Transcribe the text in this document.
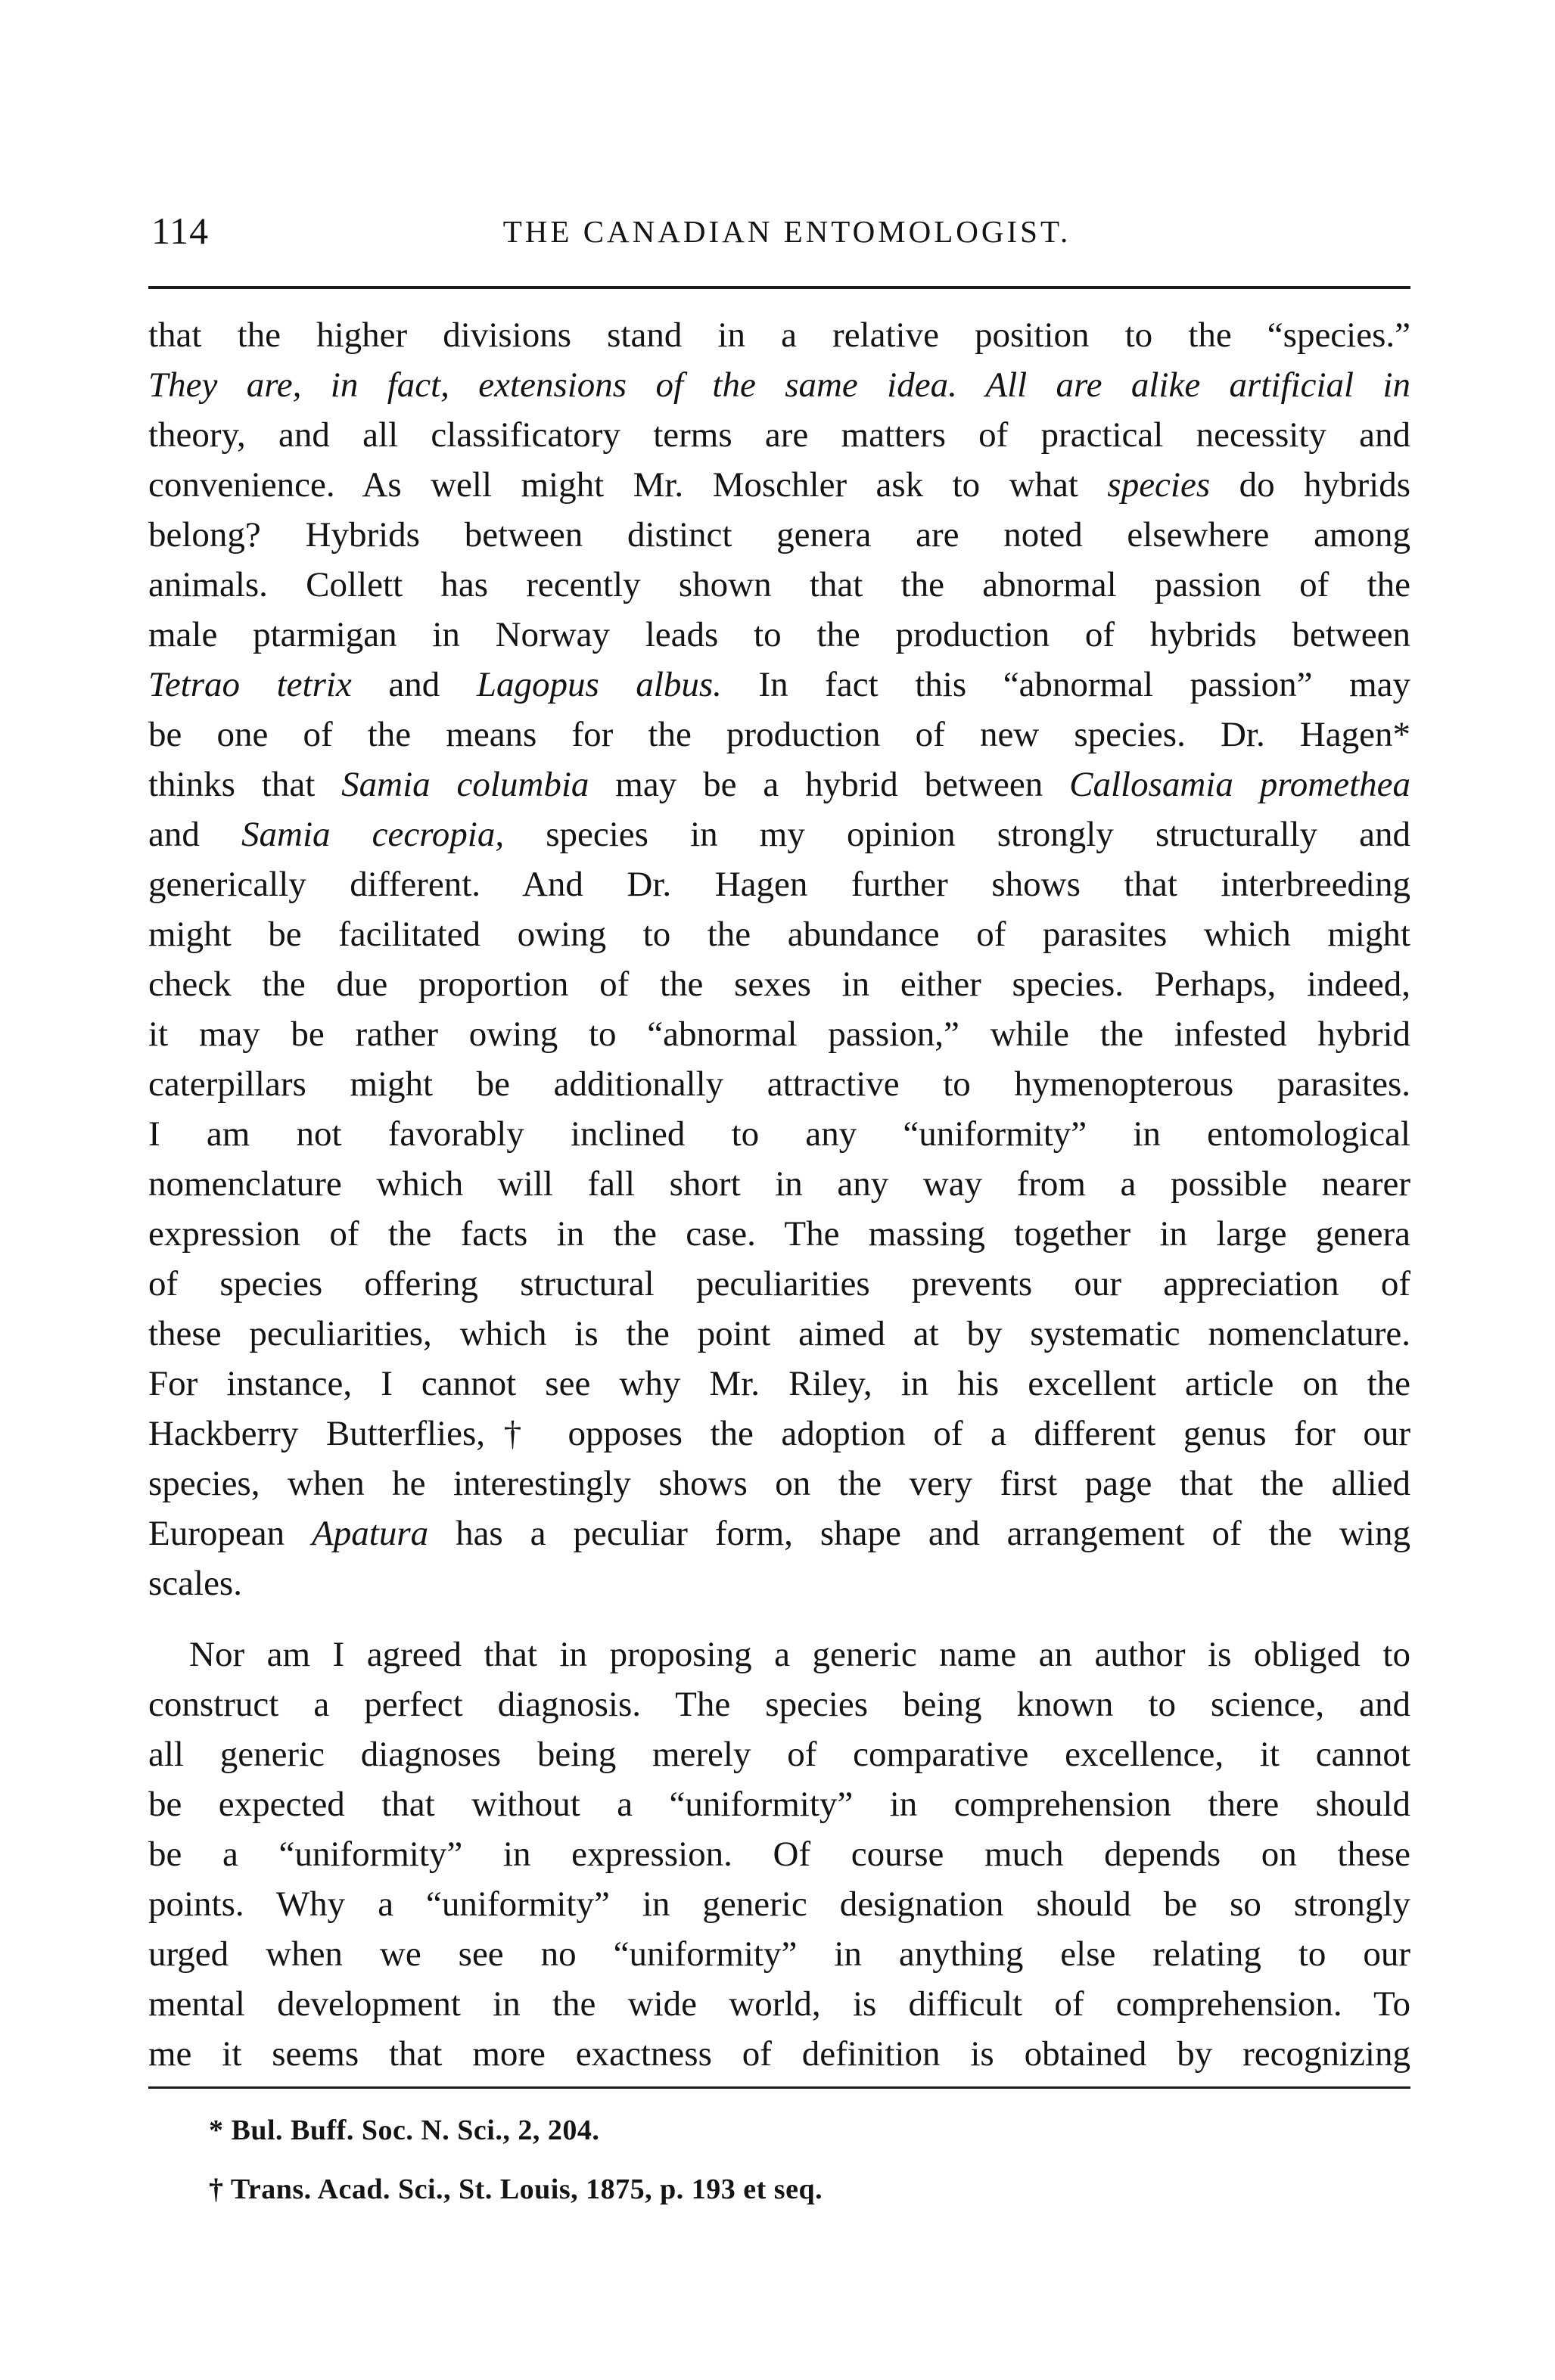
114	THE CANADIAN ENTOMOLOGIST.
that the higher divisions stand in a relative position to the “species.”
They are, in fact, extensions of the same idea. All are alike artificial in
theory, and all classificatory terms are matters of practical necessity and
convenience. As well might Mr. Moschler ask to what species do hybrids
belong? Hybrids between distinct genera are noted elsewhere among
animals. Collett has recently shown that the abnormal passion of the
male ptarmigan in Norway leads to the production of hybrids between
Tetrao tetrix and Lagopus albus. In fact this “abnormal passion” may
be one of the means for the production of new species. Dr. Hagen*
thinks that Samia columbia may be a hybrid between Callosamia promethea
and Samia cecropia, species in my opinion strongly structurally and
generically different. And Dr. Hagen further shows that interbreeding
might be facilitated owing to the abundance of parasites which might
check the due proportion of the sexes in either species. Perhaps, indeed,
it may be rather owing to “abnormal passion,” while the infested hybrid
caterpillars might be additionally attractive to hymenopterous parasites.
I am not favorably inclined to any “uniformity” in entomological
nomenclature which will fall short in any way from a possible nearer
expression of the facts in the case. The massing together in large genera
of species offering structural peculiarities prevents our appreciation of
these peculiarities, which is the point aimed at by systematic nomenclature.
For instance, I cannot see why Mr. Riley, in his excellent article on the
Hackberry Butterflies,† opposes the adoption of a different genus for our
species, when he interestingly shows on the very first page that the allied
European Apatura has a peculiar form, shape and arrangement of the wing
scales.
Nor am I agreed that in proposing a generic name an author is obliged to
construct a perfect diagnosis. The species being known to science, and
all generic diagnoses being merely of comparative excellence, it cannot
be expected that without a “uniformity” in comprehension there should
be a “uniformity” in expression. Of course much depends on these
points. Why a “uniformity” in generic designation should be so strongly
urged when we see no “uniformity” in anything else relating to our
mental development in the wide world, is difficult of comprehension. To
me it seems that more exactness of definition is obtained by recognizing
* Bul. Buff. Soc. N. Sci., 2, 204.
† Trans. Acad. Sci., St. Louis, 1875, p. 193 et seq.
